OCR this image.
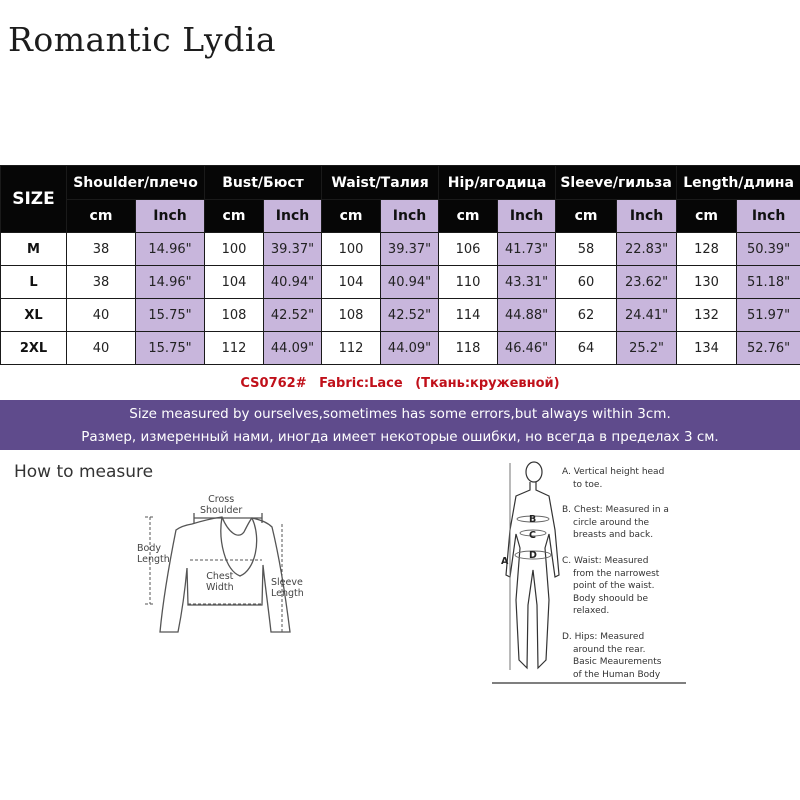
Romantic Lydia
SIZE	Shoulder/плечо		Bust/Бюст		Waist/Талия		Hip/ягодица		Sleeve/гильза		Length/длина	
	cm	Inch	cm	Inch	cm	Inch	cm	Inch	cm	Inch	cm	Inch
M	38	14.96"	100	39.37"	100	39.37"	106	41.73"	58	22.83"	128	50.39"
L	38	14.96"	104	40.94"	104	40.94"	110	43.31"	60	23.62"	130	51.18"
XL	40	15.75"	108	42.52"	108	42.52"	114	44.88"	62	24.41"	132	51.97"
2XL	40	15.75"	112	44.09"	112	44.09"	118	46.46"	64	25.2"	134	52.76"
CS0762# Fabric:Lace (Ткань:кружевной)
Size measured by ourselves,sometimes has some errors,but always within 3cm.
Размер, измеренный нами, иногда имеет некоторые ошибки, но всегда в пределах 3 см.
How to measure
Cross
Shoulder
Body
Length
Chest
Width	Sleeve
Length
A
B
C
D
A. Vertical height head
to toe.
B. Chest: Measured in a
circle around the
breasts and back.
C. Waist: Measured
from the narrowest
point of the waist.
Body shoould be
relaxed.
D. Hips: Measured
around the rear.
Basic Meaurements
of the Human Body
